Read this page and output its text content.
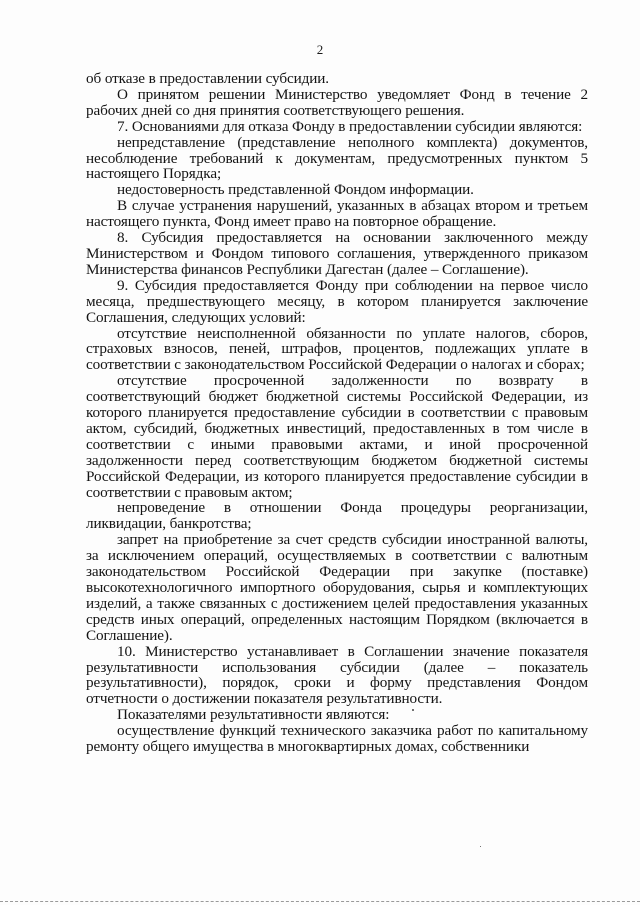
2

об отказе в предоставлении субсидии.

О принятом решении Министерство уведомляет Фонд в течение 2 рабочих дней со дня принятия соответствующего решения.

7. Основаниями для отказа Фонду в предоставлении субсидии являются:

непредставление (представление неполного комплекта) документов, несоблюдение требований к документам, предусмотренных пунктом 5 настоящего Порядка;

недостоверность представленной Фондом информации.

В случае устранения нарушений, указанных в абзацах втором и третьем настоящего пункта, Фонд имеет право на повторное обращение.

8. Субсидия предоставляется на основании заключенного между Министерством и Фондом типового соглашения, утвержденного приказом Министерства финансов Республики Дагестан (далее – Соглашение).

9. Субсидия предоставляется Фонду при соблюдении на первое число месяца, предшествующего месяцу, в котором планируется заключение Соглашения, следующих условий:

отсутствие неисполненной обязанности по уплате налогов, сборов, страховых взносов, пеней, штрафов, процентов, подлежащих уплате в соответствии с законодательством Российской Федерации о налогах и сборах;

отсутствие просроченной задолженности по возврату в соответствующий бюджет бюджетной системы Российской Федерации, из которого планируется предоставление субсидии в соответствии с правовым актом, субсидий, бюджетных инвестиций, предоставленных в том числе в соответствии с иными правовыми актами, и иной просроченной задолженности перед соответствующим бюджетом бюджетной системы Российской Федерации, из которого планируется предоставление субсидии в соответствии с правовым актом;

непроведение в отношении Фонда процедуры реорганизации, ликвидации, банкротства;

запрет на приобретение за счет средств субсидии иностранной валюты, за исключением операций, осуществляемых в соответствии с валютным законодательством Российской Федерации при закупке (поставке) высокотехнологичного импортного оборудования, сырья и комплектующих изделий, а также связанных с достижением целей предоставления указанных средств иных операций, определенных настоящим Порядком (включается в Соглашение).

10. Министерство устанавливает в Соглашении значение показателя результативности использования субсидии (далее – показатель результативности), порядок, сроки и форму представления Фондом отчетности о достижении показателя результативности.

Показателями результативности являются:

осуществление функций технического заказчика работ по капитальному ремонту общего имущества в многоквартирных домах, собственники
